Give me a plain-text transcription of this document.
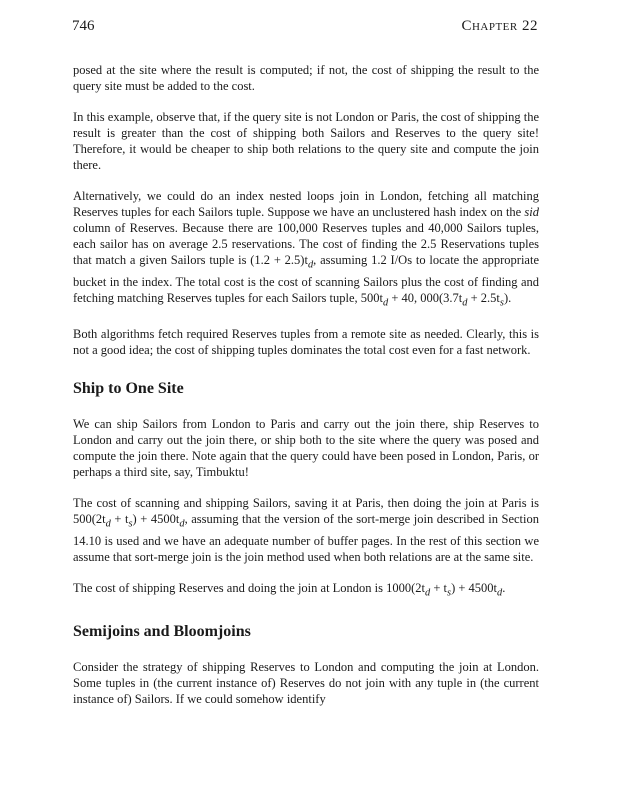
746	Chapter 22

posed at the site where the result is computed; if not, the cost of shipping the result to the query site must be added to the cost.

In this example, observe that, if the query site is not London or Paris, the cost of shipping the result is greater than the cost of shipping both Sailors and Reserves to the query site! Therefore, it would be cheaper to ship both relations to the query site and compute the join there.

Alternatively, we could do an index nested loops join in London, fetching all matching Reserves tuples for each Sailors tuple. Suppose we have an unclustered hash index on the sid column of Reserves. Because there are 100,000 Reserves tuples and 40,000 Sailors tuples, each sailor has on average 2.5 reservations. The cost of finding the 2.5 Reservations tuples that match a given Sailors tuple is $(1.2 + 2.5)t_d$, assuming 1.2 I/Os to locate the appropriate bucket in the index. The total cost is the cost of scanning Sailors plus the cost of finding and fetching matching Reserves tuples for each Sailors tuple, $500t_d + 40$, $000(3.7t_d + 2.5t_s)$.

Both algorithms fetch required Reserves tuples from a remote site as needed. Clearly, this is not a good idea; the cost of shipping tuples dominates the total cost even for a fast network.

Ship to One Site

We can ship Sailors from London to Paris and carry out the join there, ship Reserves to London and carry out the join there, or ship both to the site where the query was posed and compute the join there. Note again that the query could have been posed in London, Paris, or perhaps a third site, say, Timbuktu!

The cost of scanning and shipping Sailors, saving it at Paris, then doing the join at Paris is $500(2t_d + t_s) + 4500t_d$, assuming that the version of the sort-merge join described in Section 14.10 is used and we have an adequate number of buffer pages. In the rest of this section we assume that sort-merge join is the join method used when both relations are at the same site.

The cost of shipping Reserves and doing the join at London is $1000(2t_d + t_s) + 4500t_d$.

Semijoins and Bloomjoins

Consider the strategy of shipping Reserves to London and computing the join at London. Some tuples in (the current instance of) Reserves do not join with any tuple in (the current instance of) Sailors. If we could somehow identify
